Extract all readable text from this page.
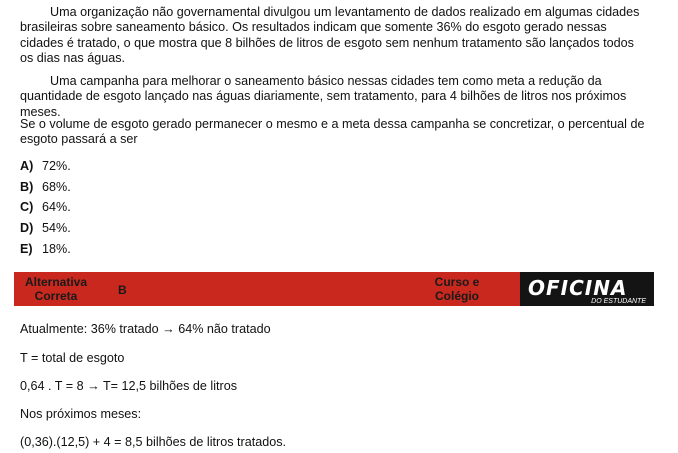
Uma organização não governamental divulgou um levantamento de dados realizado em algumas cidades brasileiras sobre saneamento básico. Os resultados indicam que somente 36% do esgoto gerado nessas cidades é tratado, o que mostra que 8 bilhões de litros de esgoto sem nenhum tratamento são lançados todos os dias nas águas.

Uma campanha para melhorar o saneamento básico nessas cidades tem como meta a redução da quantidade de esgoto lançado nas águas diariamente, sem tratamento, para 4 bilhões de litros nos próximos meses.

Se o volume de esgoto gerado permanecer o mesmo e a meta dessa campanha se concretizar, o percentual de esgoto passará a ser

A) 72%.
B) 68%.
C) 64%.
D) 54%.
E) 18%.
Alternativa Correta	B
Curso e Colégio OFICINA
DO ESTUDANTE
Atualmente: 36% tratado → 64% não tratado
T = total de esgoto
0,64 . T = 8 → T= 12,5 bilhões de litros
Nos próximos meses:
(0,36).(12,5) + 4 = 8,5 bilhões de litros tratados.
